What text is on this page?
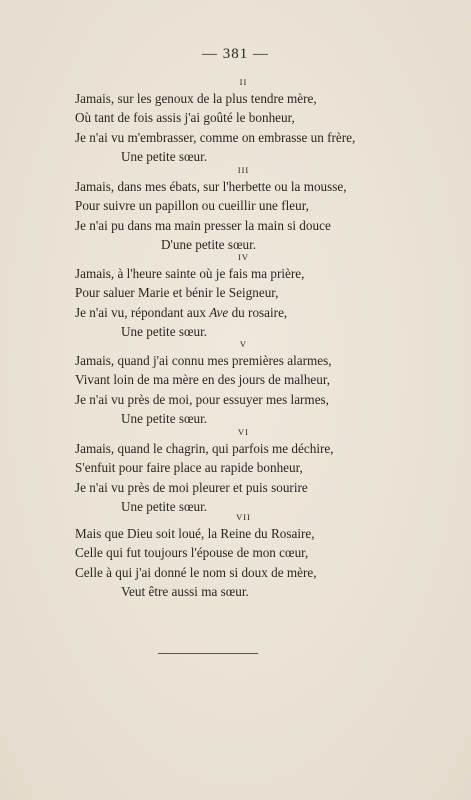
— 381 —
II
Jamais, sur les genoux de la plus tendre mère,
Où tant de fois assis j'ai goûté le bonheur,
Je n'ai vu m'embrasser, comme on embrasse un frère,
Une petite sœur.
III
Jamais, dans mes ébats, sur l'herbette ou la mousse,
Pour suivre un papillon ou cueillir une fleur,
Je n'ai pu dans ma main presser la main si douce
D'une petite sœur.
IV
Jamais, à l'heure sainte où je fais ma prière,
Pour saluer Marie et bénir le Seigneur,
Je n'ai vu, répondant aux Ave du rosaire,
Une petite sœur.
V
Jamais, quand j'ai connu mes premières alarmes,
Vivant loin de ma mère en des jours de malheur,
Je n'ai vu près de moi, pour essuyer mes larmes,
Une petite sœur.
VI
Jamais, quand le chagrin, qui parfois me déchire,
S'enfuit pour faire place au rapide bonheur,
Je n'ai vu près de moi pleurer et puis sourire
Une petite sœur.
VII
Mais que Dieu soit loué, la Reine du Rosaire,
Celle qui fut toujours l'épouse de mon cœur,
Celle à qui j'ai donné le nom si doux de mère,
Veut être aussi ma sœur.
